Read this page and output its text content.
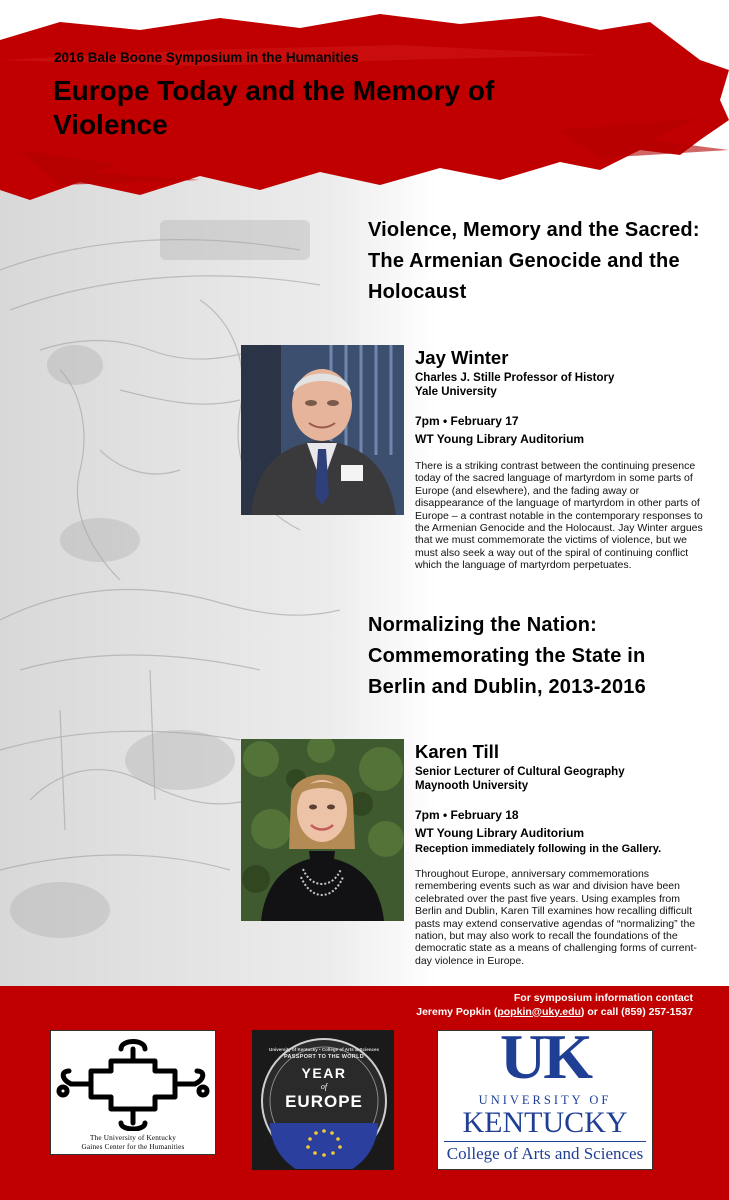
2016 Bale Boone Symposium in the Humanities
Europe Today and the Memory of Violence
Violence, Memory and the Sacred: The Armenian Genocide and the Holocaust
Jay Winter
Charles J. Stille Professor of History
Yale University
7pm • February 17
WT Young Library Auditorium
There is a striking contrast between the continuing presence today of the sacred language of martyrdom in some parts of Europe (and elsewhere), and the fading away or disappearance of the language of martyrdom in other parts of Europe – a contrast notable in the contemporary responses to the Armenian Genocide and the Holocaust. Jay Winter argues that we must commemorate the victims of violence, but we must also seek a way out of the spiral of continuing conflict which the language of martyrdom perpetuates.
Normalizing the Nation: Commemorating the State in Berlin and Dublin, 2013-2016
Karen Till
Senior Lecturer of Cultural Geography
Maynooth University
7pm • February 18
WT Young Library Auditorium
Reception immediately following in the Gallery.
Throughout Europe, anniversary commemorations remembering events such as war and division have been celebrated over the past five years. Using examples from Berlin and Dublin, Karen Till examines how recalling difficult pasts may extend conservative agendas of “normalizing” the nation, but may also work to recall the foundations of the democratic state as a means of challenging forms of current-day violence in Europe.
For symposium information contact
Jeremy Popkin (popkin@uky.edu) or call (859) 257-1537
The University of Kentucky
Gaines Center for the Humanities
University of Kentucky • College of Arts & Sciences
PASSPORT TO THE WORLD
YEAR
of
EUROPE
UK
UNIVERSITY OF
KENTUCKY
College of Arts and Sciences
